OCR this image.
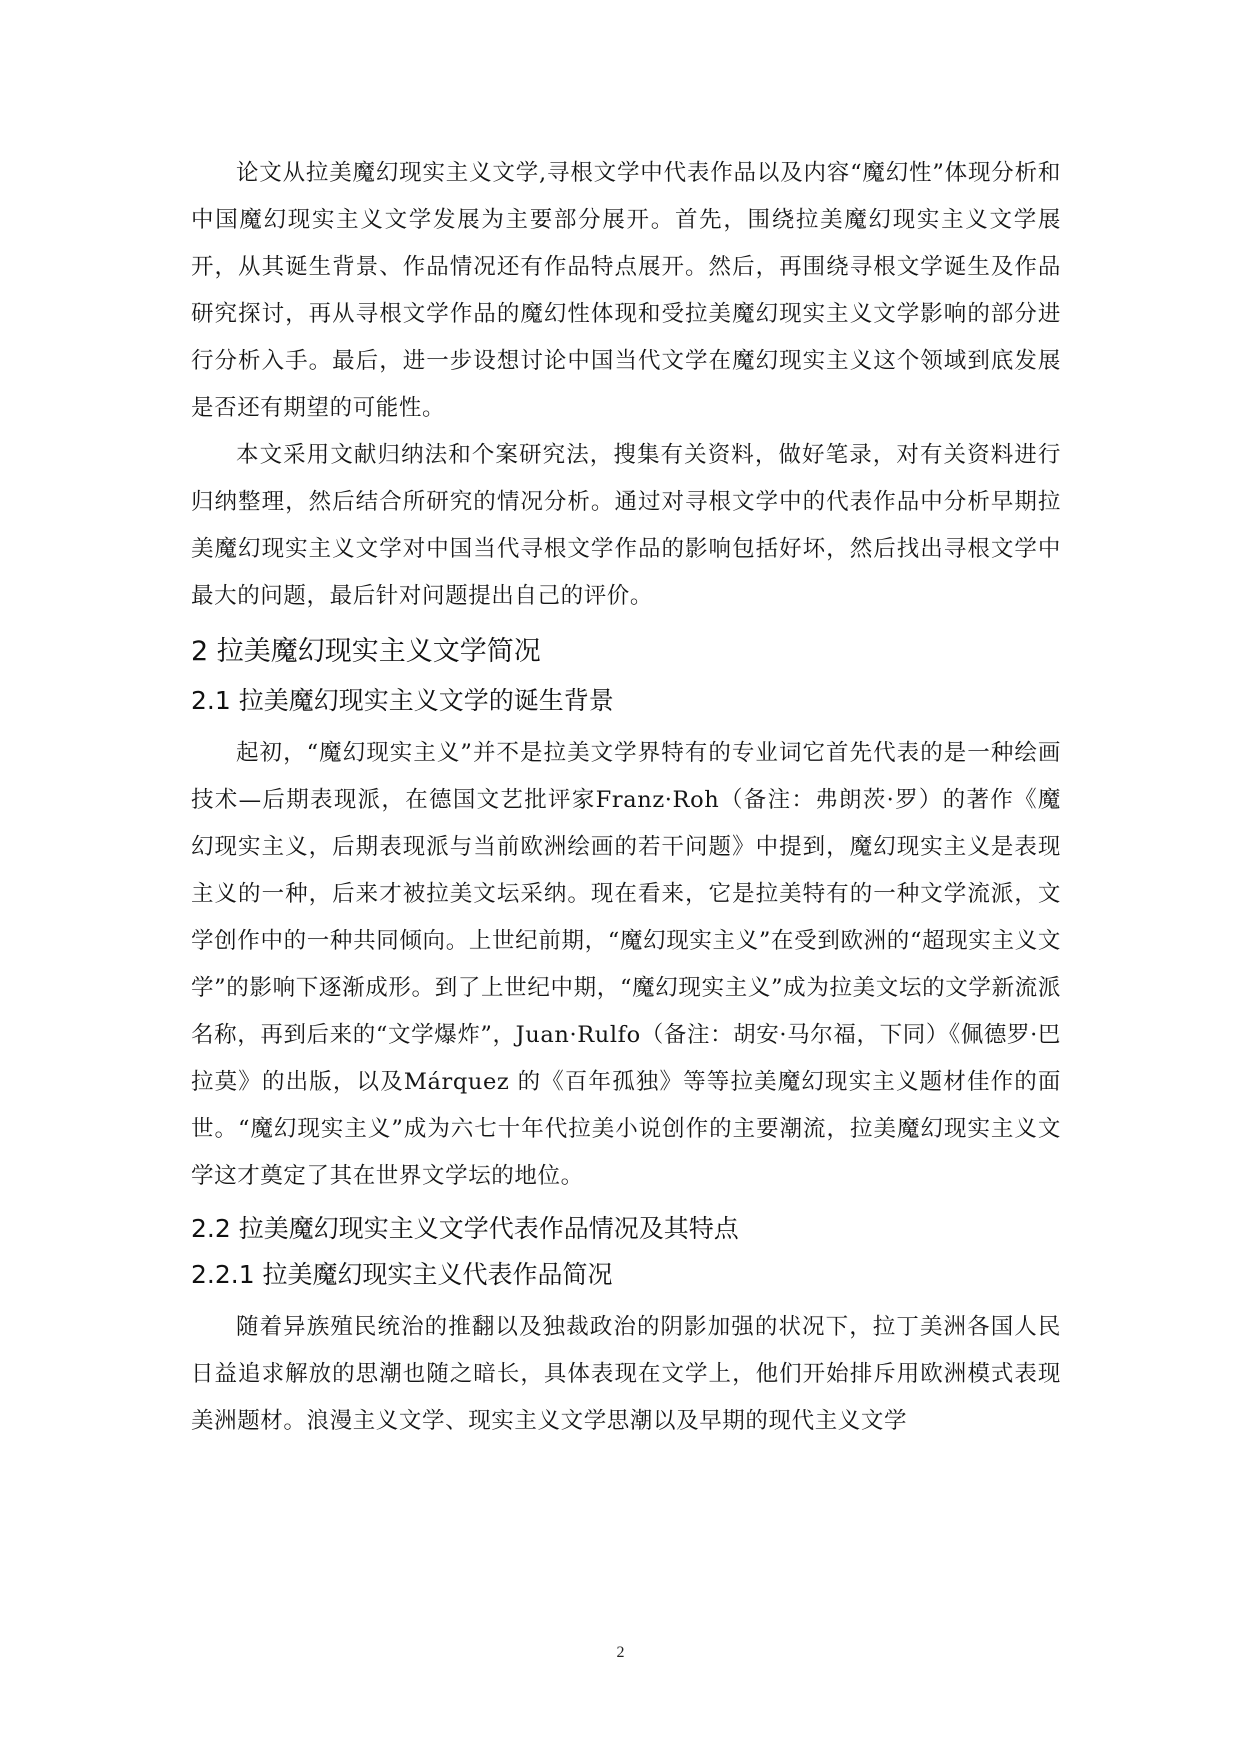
论文从拉美魔幻现实主义文学,寻根文学中代表作品以及内容“魔幻性”体现分析和中国魔幻现实主义文学发展为主要部分展开。首先，围绕拉美魔幻现实主义文学展开，从其诞生背景、作品情况还有作品特点展开。然后，再围绕寻根文学诞生及作品研究探讨，再从寻根文学作品的魔幻性体现和受拉美魔幻现实主义文学影响的部分进行分析入手。最后，进一步设想讨论中国当代文学在魔幻现实主义这个领域到底发展是否还有期望的可能性。

本文采用文献归纳法和个案研究法，搜集有关资料，做好笔录，对有关资料进行归纳整理，然后结合所研究的情况分析。通过对寻根文学中的代表作品中分析早期拉美魔幻现实主义文学对中国当代寻根文学作品的影响包括好坏，然后找出寻根文学中最大的问题，最后针对问题提出自己的评价。

2 拉美魔幻现实主义文学简况
2.1 拉美魔幻现实主义文学的诞生背景

起初，“魔幻现实主义”并不是拉美文学界特有的专业词它首先代表的是一种绘画技术—后期表现派，在德国文艺批评家Franz·Roh（备注：弗朗茨·罗）的著作《魔幻现实主义，后期表现派与当前欧洲绘画的若干问题》中提到，魔幻现实主义是表现主义的一种，后来才被拉美文坛采纳。现在看来，它是拉美特有的一种文学流派，文学创作中的一种共同倾向。上世纪前期，“魔幻现实主义”在受到欧洲的“超现实主义文学”的影响下逐渐成形。到了上世纪中期，“魔幻现实主义”成为拉美文坛的文学新流派名称，再到后来的“文学爆炸”，Juan·Rulfo（备注：胡安·马尔福，下同）《佩德罗·巴拉莫》的出版，以及Márquez 的《百年孤独》等等拉美魔幻现实主义题材佳作的面世。“魔幻现实主义”成为六七十年代拉美小说创作的主要潮流，拉美魔幻现实主义文学这才奠定了其在世界文学坛的地位。

2.2 拉美魔幻现实主义文学代表作品情况及其特点
2.2.1 拉美魔幻现实主义代表作品简况

随着异族殖民统治的推翻以及独裁政治的阴影加强的状况下，拉丁美洲各国人民日益追求解放的思潮也随之暗长，具体表现在文学上，他们开始排斥用欧洲模式表现美洲题材。浪漫主义文学、现实主义文学思潮以及早期的现代主义文学

2
